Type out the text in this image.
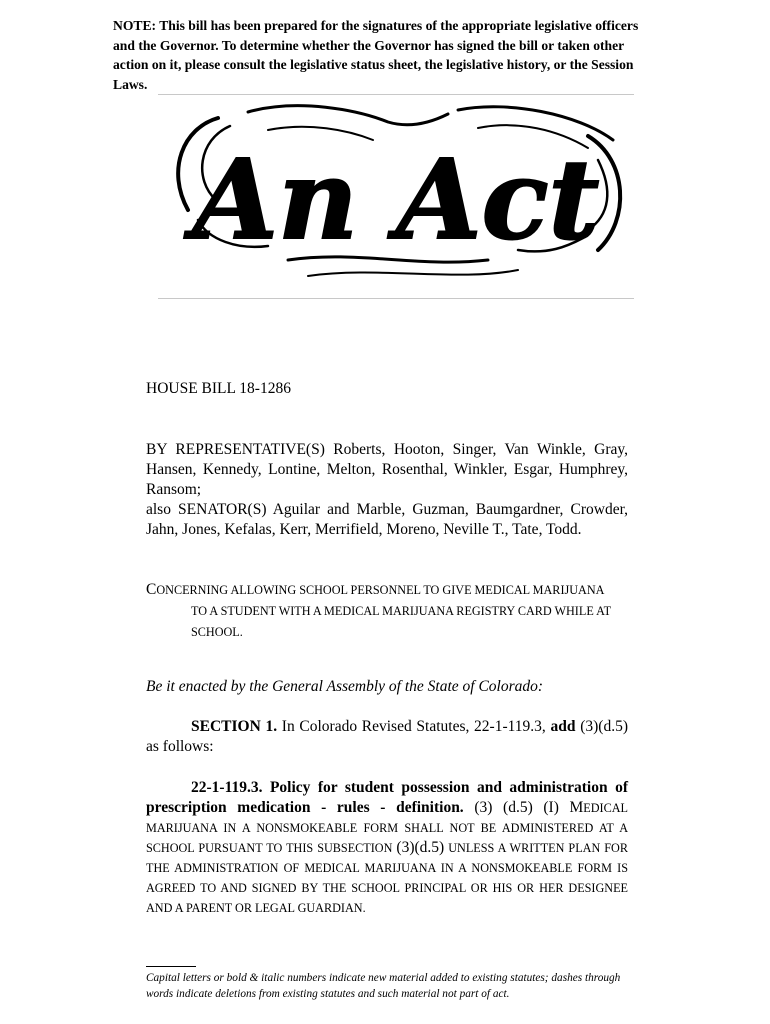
NOTE: This bill has been prepared for the signatures of the appropriate legislative officers and the Governor. To determine whether the Governor has signed the bill or taken other action on it, please consult the legislative status sheet, the legislative history, or the Session Laws.
An Act
HOUSE BILL 18-1286

BY REPRESENTATIVE(S) Roberts, Hooton, Singer, Van Winkle, Gray, Hansen, Kennedy, Lontine, Melton, Rosenthal, Winkler, Esgar, Humphrey, Ransom;

also SENATOR(S) Aguilar and Marble, Guzman, Baumgardner, Crowder, Jahn, Jones, Kefalas, Kerr, Merrifield, Moreno, Neville T., Tate, Todd.

CONCERNING ALLOWING SCHOOL PERSONNEL TO GIVE MEDICAL MARIJUANA
TO A STUDENT WITH A MEDICAL MARIJUANA REGISTRY CARD WHILE AT SCHOOL.
Be it enacted by the General Assembly of the State of Colorado:
SECTION 1. In Colorado Revised Statutes, 22-1-119.3, add (3)(d.5) as follows:
22-1-119.3. Policy for student possession and administration of prescription medication - rules - definition. (3) (d.5) (I) MEDICAL MARIJUANA IN A NONSMOKEABLE FORM SHALL NOT BE ADMINISTERED AT A SCHOOL PURSUANT TO THIS SUBSECTION (3)(d.5) UNLESS A WRITTEN PLAN FOR THE ADMINISTRATION OF MEDICAL MARIJUANA IN A NONSMOKEABLE FORM IS AGREED TO AND SIGNED BY THE SCHOOL PRINCIPAL OR HIS OR HER DESIGNEE AND A PARENT OR LEGAL GUARDIAN.
Capital letters or bold & italic numbers indicate new material added to existing statutes; dashes through words indicate deletions from existing statutes and such material not part of act.
